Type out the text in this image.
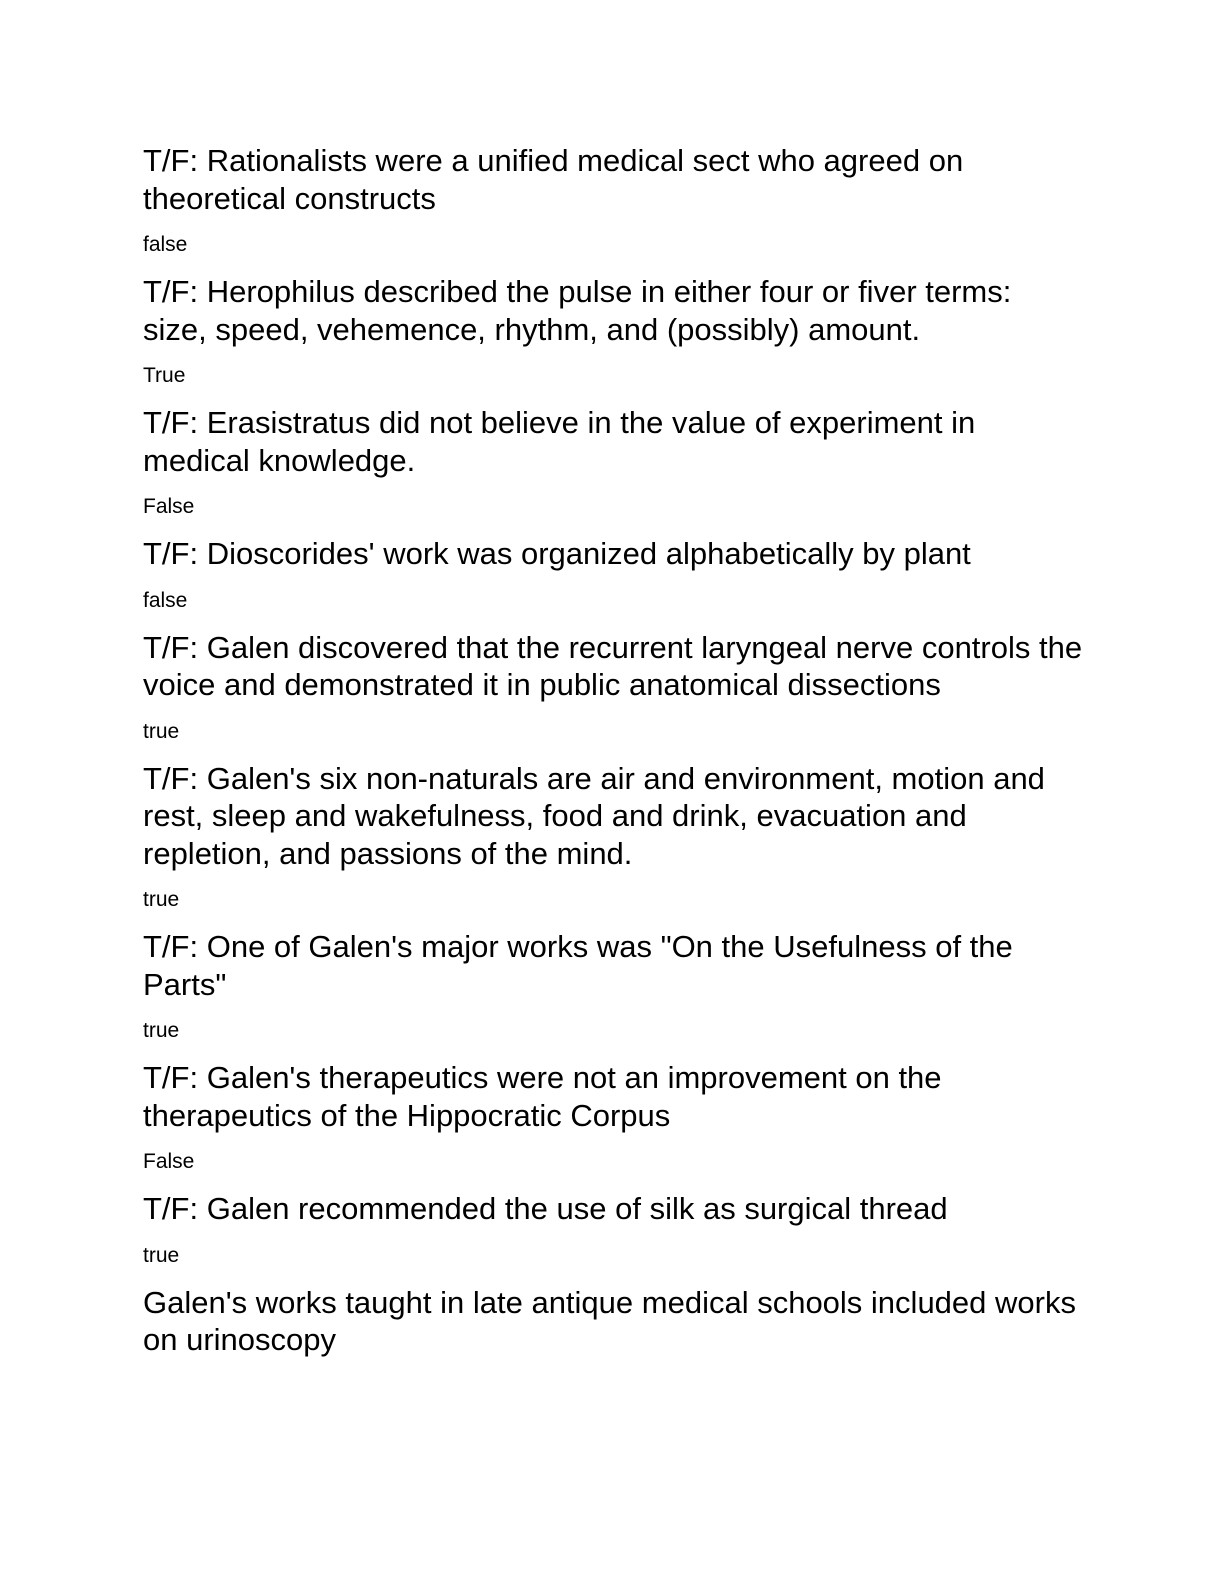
T/F: Rationalists were a unified medical sect who agreed on theoretical constructs

false

T/F: Herophilus described the pulse in either four or fiver terms: size, speed, vehemence, rhythm, and (possibly) amount.

True

T/F: Erasistratus did not believe in the value of experiment in medical knowledge.

False

T/F: Dioscorides' work was organized alphabetically by plant

false

T/F: Galen discovered that the recurrent laryngeal nerve controls the voice and demonstrated it in public anatomical dissections

true

T/F: Galen's six non-naturals are air and environment, motion and rest, sleep and wakefulness, food and drink, evacuation and repletion, and passions of the mind.

true

T/F: One of Galen's major works was "On the Usefulness of the Parts"

true

T/F: Galen's therapeutics were not an improvement on the therapeutics of the Hippocratic Corpus

False

T/F: Galen recommended the use of silk as surgical thread

true

Galen's works taught in late antique medical schools included works on urinoscopy
